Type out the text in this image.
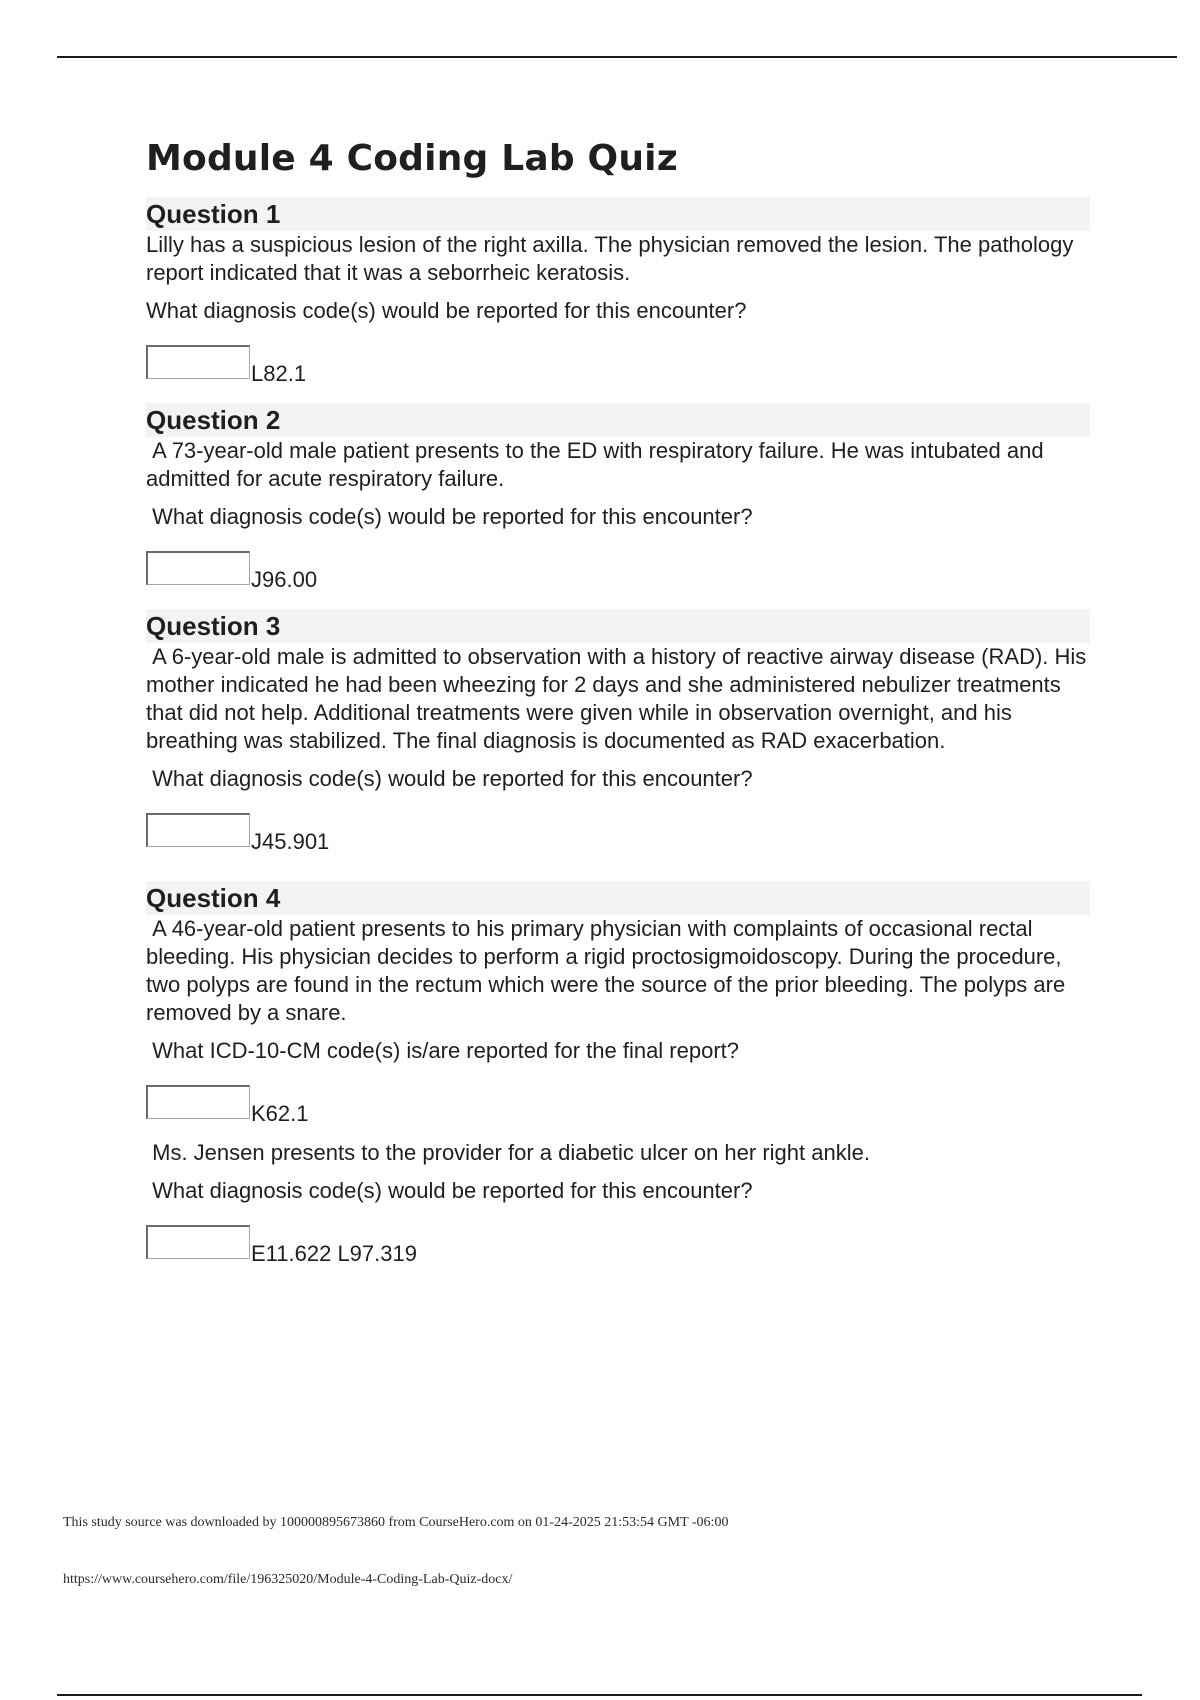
Module 4 Coding Lab Quiz
Question 1

Lilly has a suspicious lesion of the right axilla. The physician removed the lesion. The pathology report indicated that it was a seborrheic keratosis.

What diagnosis code(s) would be reported for this encounter?

L82.1
Question 2

A 73-year-old male patient presents to the ED with respiratory failure. He was intubated and admitted for acute respiratory failure.

What diagnosis code(s) would be reported for this encounter?

J96.00
Question 3

A 6-year-old male is admitted to observation with a history of reactive airway disease (RAD). His mother indicated he had been wheezing for 2 days and she administered nebulizer treatments that did not help. Additional treatments were given while in observation overnight, and his breathing was stabilized. The final diagnosis is documented as RAD exacerbation.

What diagnosis code(s) would be reported for this encounter?

J45.901
Question 4

A 46-year-old patient presents to his primary physician with complaints of occasional rectal bleeding. His physician decides to perform a rigid proctosigmoidoscopy. During the procedure, two polyps are found in the rectum which were the source of the prior bleeding. The polyps are removed by a snare.

What ICD-10-CM code(s) is/are reported for the final report?

K62.1

Ms. Jensen presents to the provider for a diabetic ulcer on her right ankle.

What diagnosis code(s) would be reported for this encounter?

E11.622 L97.319
This study source was downloaded by 100000895673860 from CourseHero.com on 01-24-2025 21:53:54 GMT -06:00
https://www.coursehero.com/file/196325020/Module-4-Coding-Lab-Quiz-docx/
